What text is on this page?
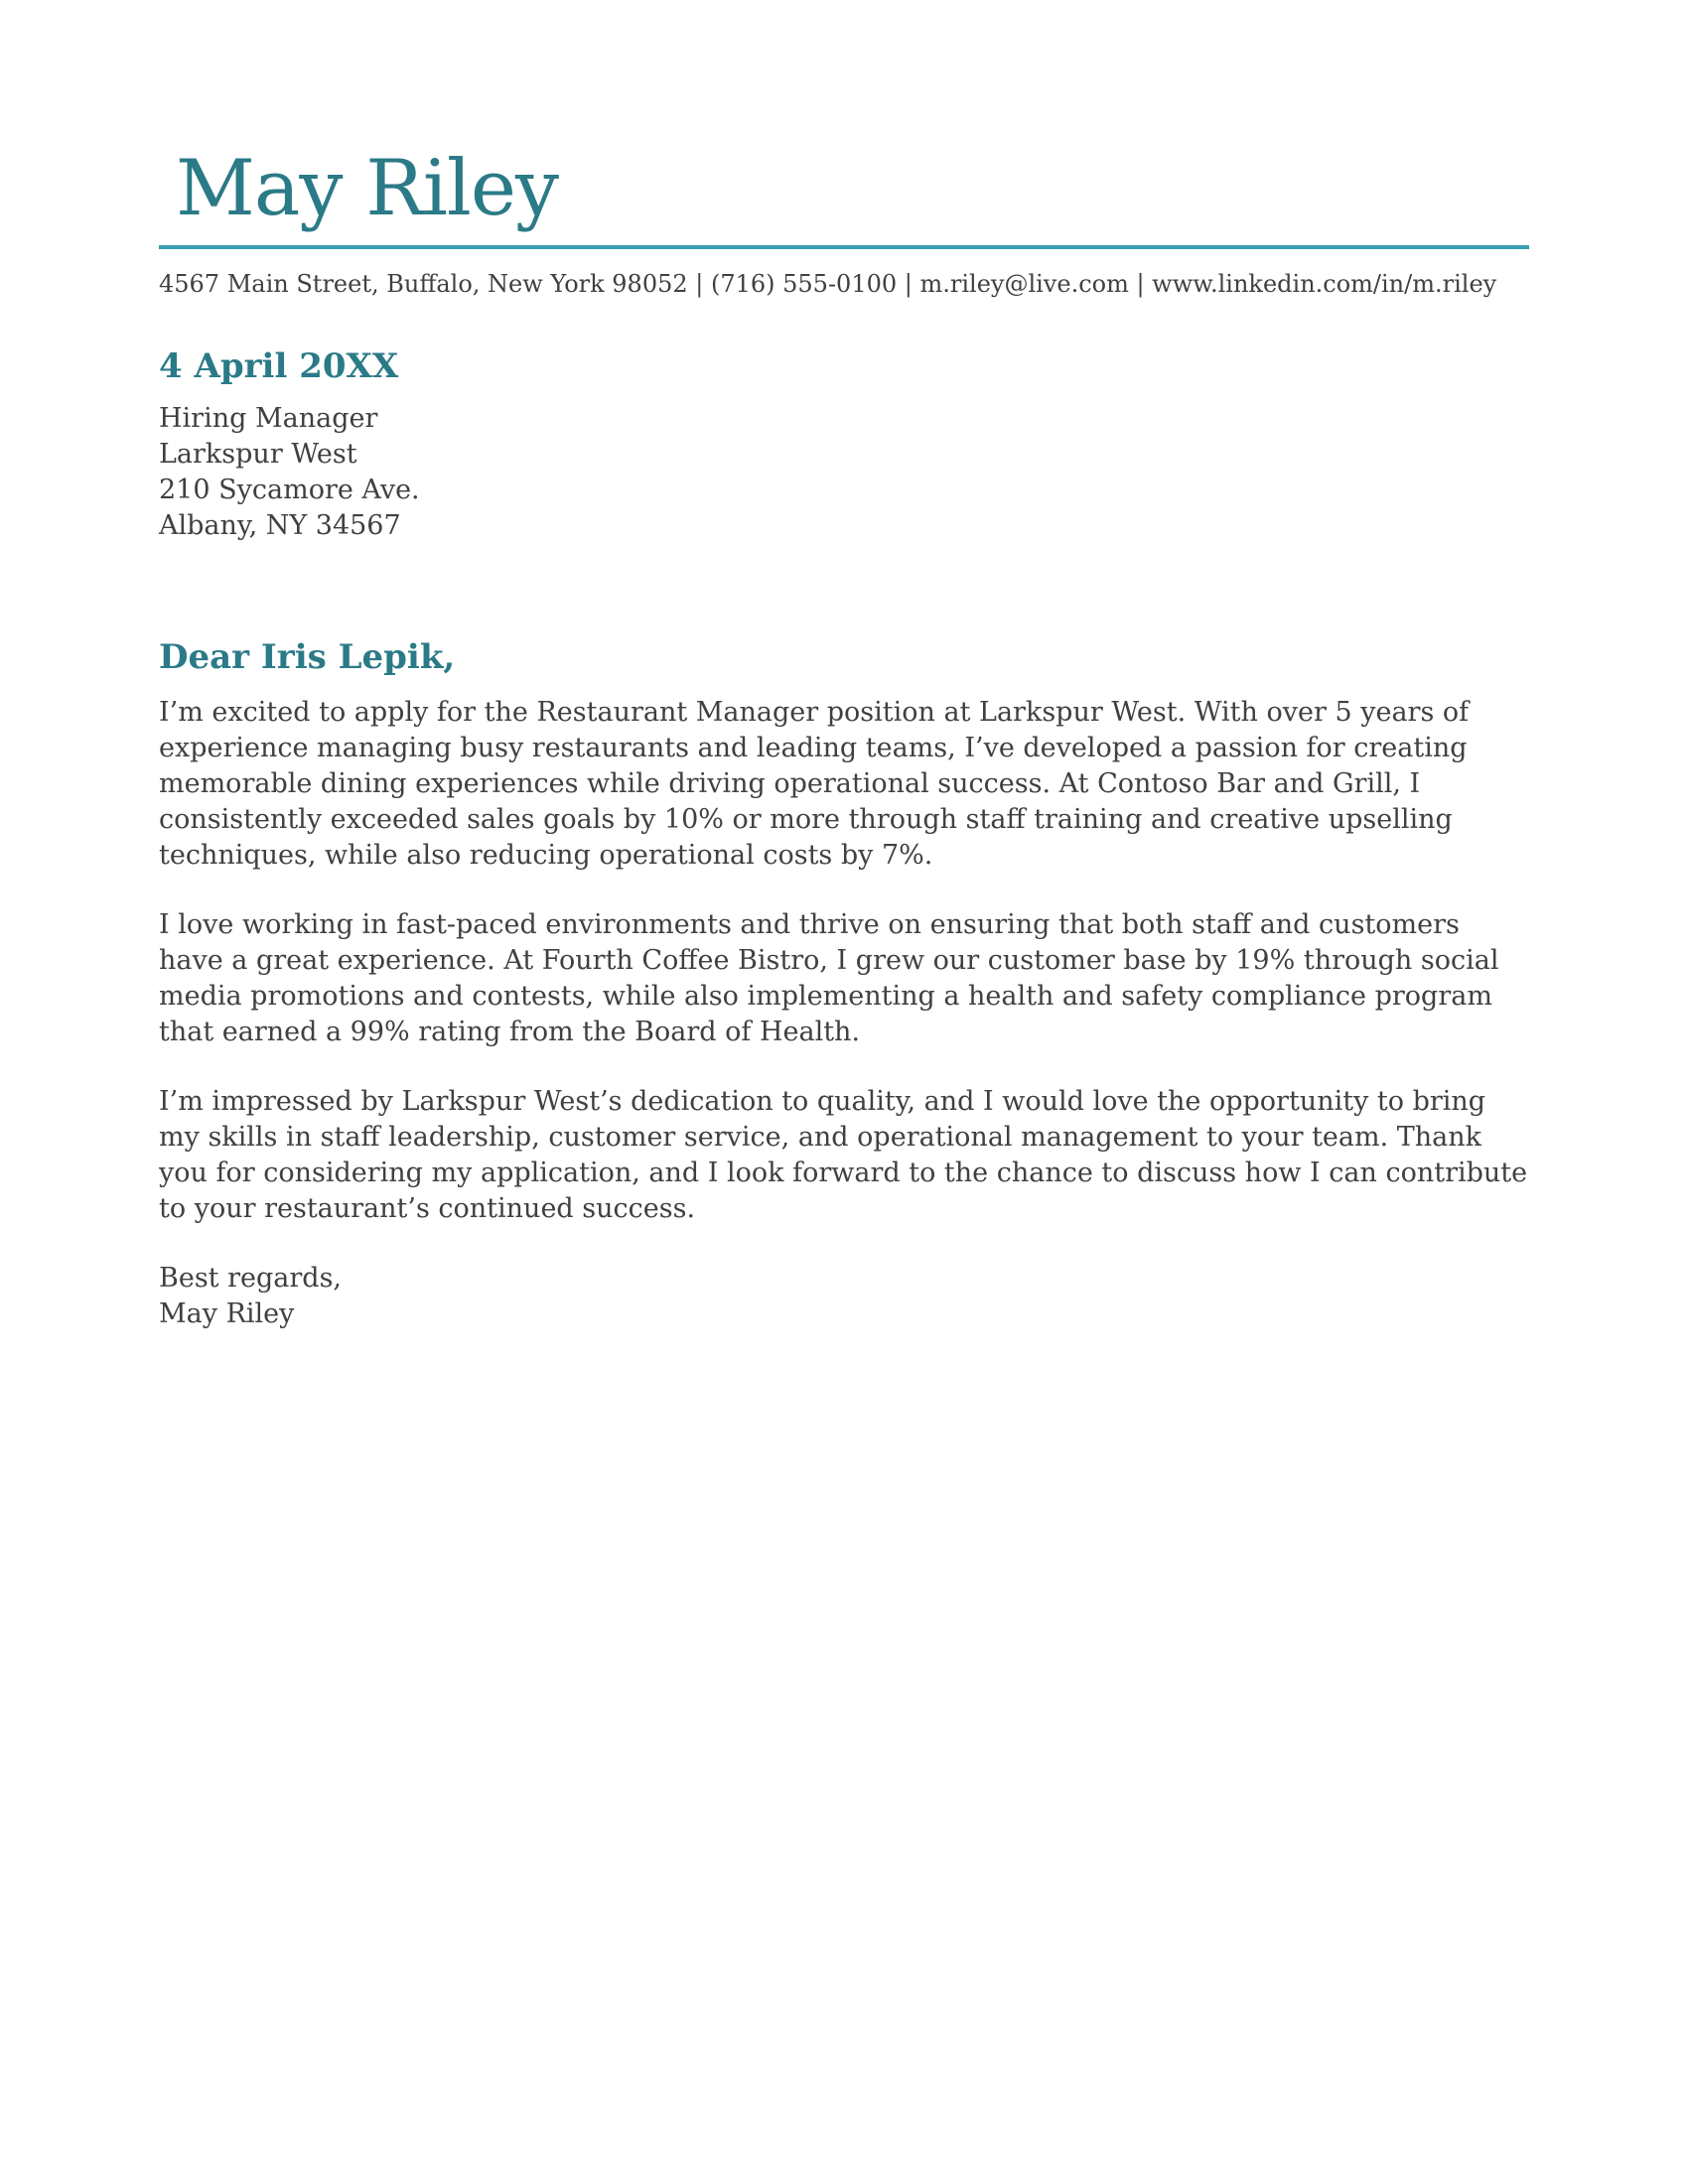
May Riley
4567 Main Street, Buffalo, New York 98052 | (716) 555-0100 | m.riley@live.com | www.linkedin.com/in/m.riley
4 April 20XX
Hiring Manager
Larkspur West
210 Sycamore Ave.
Albany, NY 34567
Dear Iris Lepik,

I’m excited to apply for the Restaurant Manager position at Larkspur West. With over 5 years of experience managing busy restaurants and leading teams, I’ve developed a passion for creating memorable dining experiences while driving operational success. At Contoso Bar and Grill, I consistently exceeded sales goals by 10% or more through staff training and creative upselling techniques, while also reducing operational costs by 7%.

I love working in fast-paced environments and thrive on ensuring that both staff and customers have a great experience. At Fourth Coffee Bistro, I grew our customer base by 19% through social media promotions and contests, while also implementing a health and safety compliance program that earned a 99% rating from the Board of Health.

I’m impressed by Larkspur West’s dedication to quality, and I would love the opportunity to bring my skills in staff leadership, customer service, and operational management to your team. Thank you for considering my application, and I look forward to the chance to discuss how I can contribute to your restaurant’s continued success.

Best regards,
May Riley
